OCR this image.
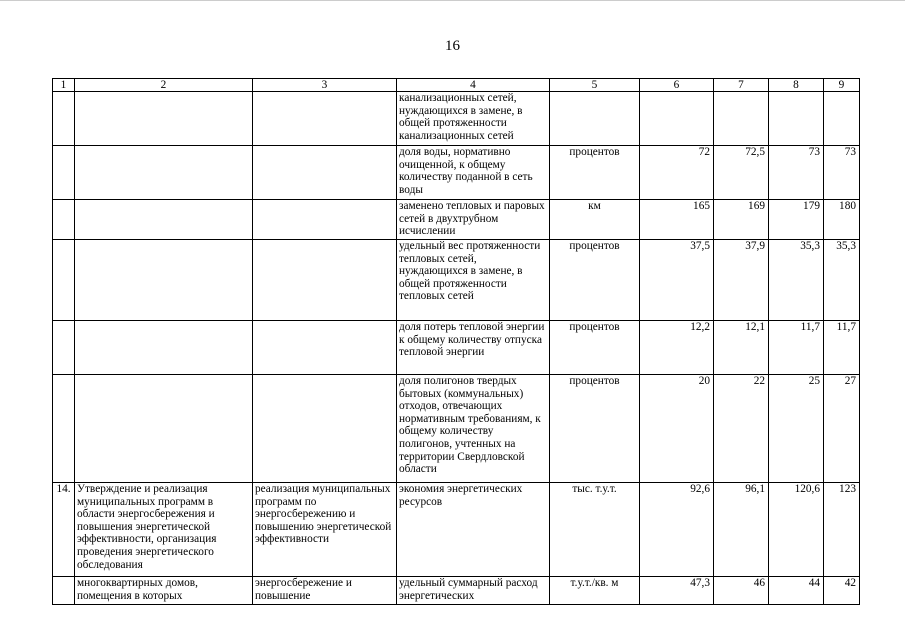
16
1	2	3	4	5	6	7	8	9
			канализационных сетей, нуждающихся в замене, в общей протяженности канализационных сетей					
			доля воды, нормативно очищенной, к общему количеству поданной в сеть воды	процентов	72	72,5	73	73
			заменено тепловых и паровых сетей в двухтрубном исчислении	км	165	169	179	180
			удельный вес протяженности тепловых сетей, нуждающихся в замене, в общей протяженности тепловых сетей	процентов	37,5	37,9	35,3	35,3
			доля потерь тепловой энергии к общему количеству отпуска тепловой энергии	процентов	12,2	12,1	11,7	11,7
			доля полигонов твердых бытовых (коммунальных) отходов, отвечающих нормативным требованиям, к общему количеству полигонов, учтенных на территории Свердловской области	процентов	20	22	25	27
14.	Утверждение и реализация муниципальных программ в области энергосбережения и повышения энергетической эффективности, организация проведения энергетического обследования	реализация муниципальных программ по энергосбережению и повышению энергетической эффективности	экономия энергетических ресурсов	тыс. т.у.т.	92,6	96,1	120,6	123
	многоквартирных домов, помещения в которых	энергосбережение и повышение	удельный суммарный расход энергетических	т.у.т./кв. м	47,3	46	44	42
